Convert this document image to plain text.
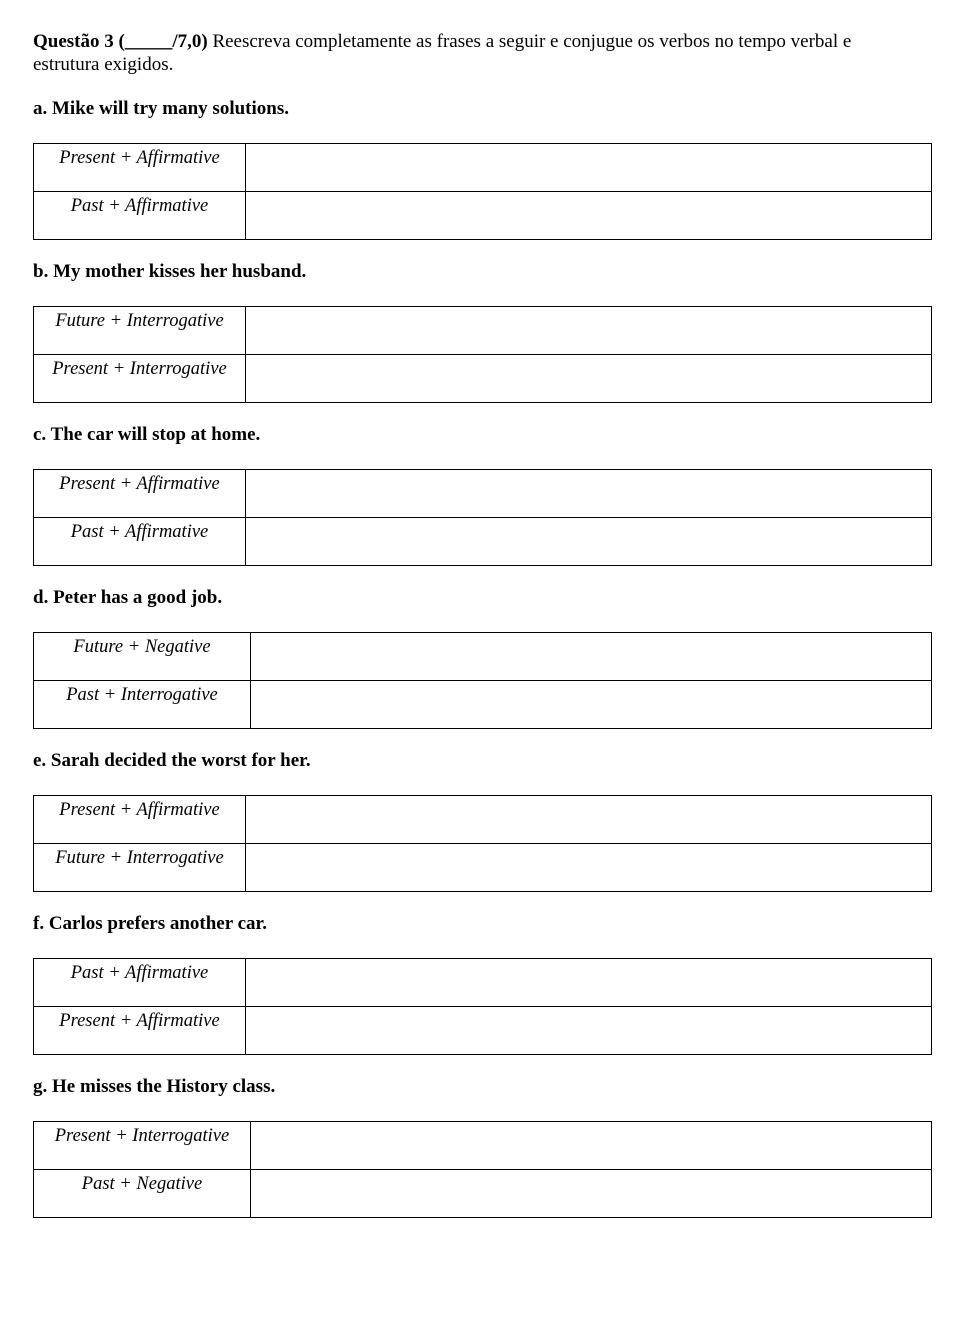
Questão 3 (_____/7,0) Reescreva completamente as frases a seguir e conjugue os verbos no tempo verbal e
estrutura exigidos.

a. Mike will try many solutions.

Present + Affirmative	
Past + Affirmative	

b. My mother kisses her husband.

Future + Interrogative	
Present + Interrogative	

c. The car will stop at home.

Present + Affirmative	
Past + Affirmative	

d. Peter has a good job.

Future + Negative	
Past + Interrogative	

e. Sarah decided the worst for her.

Present + Affirmative	
Future + Interrogative	

f. Carlos prefers another car.

Past + Affirmative	
Present + Affirmative	

g. He misses the History class.

Present + Interrogative	
Past + Negative	
